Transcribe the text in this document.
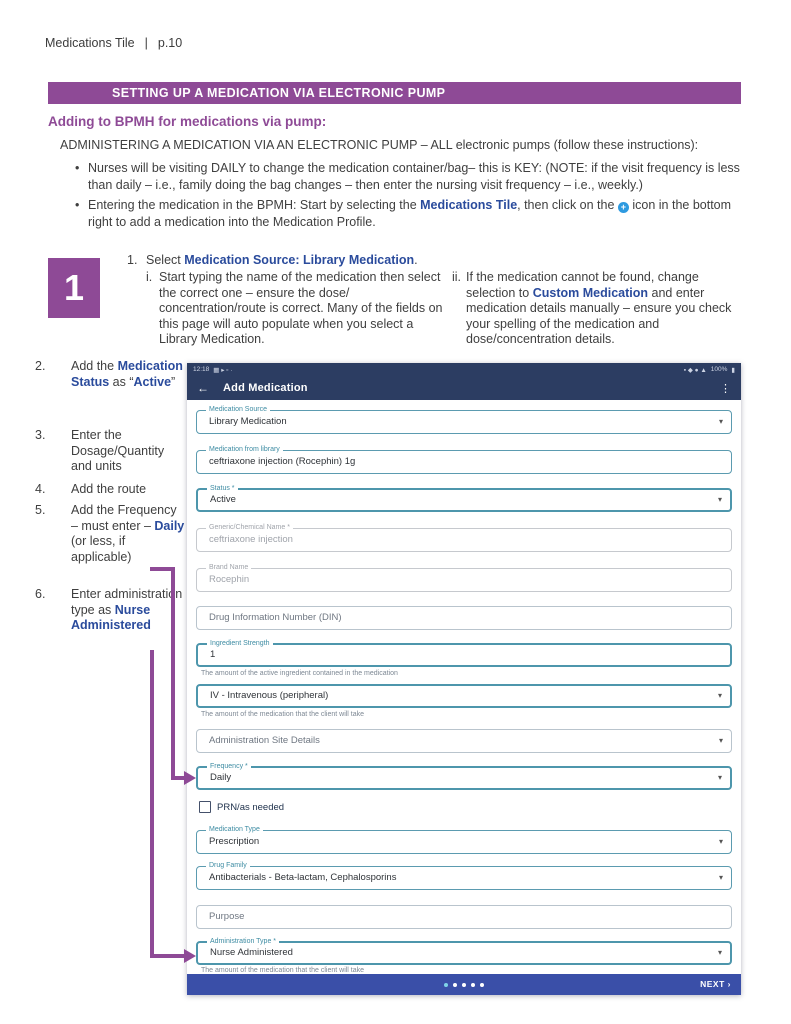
Medications Tile | p.10
SETTING UP A MEDICATION VIA ELECTRONIC PUMP
Adding to BPMH for medications via pump:
ADMINISTERING A MEDICATION VIA AN ELECTRONIC PUMP – ALL electronic pumps (follow these instructions):
• Nurses will be visiting DAILY to change the medication container/bag– this is KEY: (NOTE: if the visit frequency is less than daily – i.e., family doing the bag changes – then enter the nursing visit frequency – i.e., weekly.)
• Entering the medication in the BPMH: Start by selecting the Medications Tile, then click on the + icon in the bottom right to add a medication into the Medication Profile.
1
1. Select Medication Source: Library Medication.
i. Start typing the name of the medication then select the correct one – ensure the dose/ concentration/route is correct. Many of the fields on this page will auto populate when you select a Library Medication.
ii. If the medication cannot be found, change selection to Custom Medication and enter medication details manually – ensure you check your spelling of the medication and dose/concentration details.
2.	Add the Medication Status as “Active”
3.	Enter the Dosage/Quantity and units
4.	Add the route
5.	Add the Frequency – must enter – Daily (or less, if applicable)
6.	Enter administration type as Nurse Administered
12:18 ▦ ▸ ▫ ·	▪ ◆ ● ▲ 100% ▮
← Add Medication	⋮
Medication Source
Library Medication	▾
Medication from library
ceftriaxone injection (Rocephin) 1g
Status *
Active	▾
Generic/Chemical Name *
ceftriaxone injection
Brand Name
Rocephin
Drug Information Number (DIN)
Ingredient Strength
1
The amount of the active ingredient contained in the medication
IV - Intravenous (peripheral)	▾
The amount of the medication that the client will take
Administration Site Details	▾
Frequency *
Daily	▾
PRN/as needed
Medication Type
Prescription	▾
Drug Family
Antibacterials - Beta-lactam, Cephalosporins	▾
Purpose
Administration Type *
Nurse Administered	▾
The amount of the medication that the client will take
NEXT ›
